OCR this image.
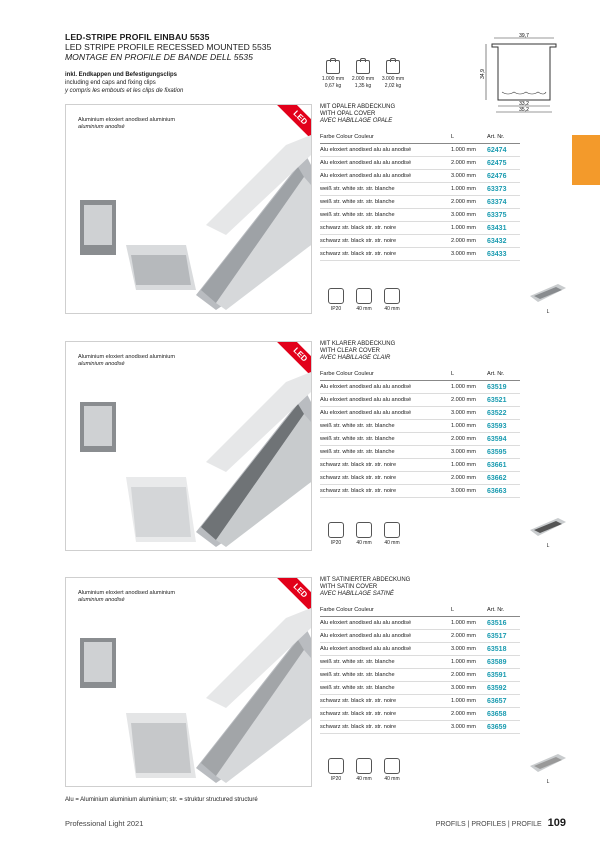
LED-STRIPE PROFIL EINBAU 5535
LED STRIPE PROFILE RECESSED MOUNTED 5535
MONTAGE EN PROFILE DE BANDE DELL 5535
inkl. Endkappen und Befestigungsclips
including end caps and fixing clips
y compris les embouts et les clips de fixation
1.000 mm
0,67 kg
2.000 mm
1,35 kg
3.000 mm
2,02 kg
39,7
34,9
33,2
35,2
LED
Aluminium eloxiert anodised aluminium
aluminium anodisé
MIT OPALER ABDECKUNG
WITH OPAL COVER
AVEC HABILLAGE OPALE
Farbe Colour Couleur	L	Art. Nr.
Alu eloxiert anodised alu alu anodisé	1.000 mm	62474
Alu eloxiert anodised alu alu anodisé	2.000 mm	62475
Alu eloxiert anodised alu alu anodisé	3.000 mm	62476
weiß str. white str. str. blanche	1.000 mm	63373
weiß str. white str. str. blanche	2.000 mm	63374
weiß str. white str. str. blanche	3.000 mm	63375
schwarz str. black str. str. noire	1.000 mm	63431
schwarz str. black str. str. noire	2.000 mm	63432
schwarz str. black str. str. noire	3.000 mm	63433
IP20	40 mm	40 mm	L
LED
Aluminium eloxiert anodised aluminium
aluminium anodisé
MIT KLARER ABDECKUNG
WITH CLEAR COVER
AVEC HABILLAGE CLAIR
Farbe Colour Couleur	L	Art. Nr.
Alu eloxiert anodised alu alu anodisé	1.000 mm	63519
Alu eloxiert anodised alu alu anodisé	2.000 mm	63521
Alu eloxiert anodised alu alu anodisé	3.000 mm	63522
weiß str. white str. str. blanche	1.000 mm	63593
weiß str. white str. str. blanche	2.000 mm	63594
weiß str. white str. str. blanche	3.000 mm	63595
schwarz str. black str. str. noire	1.000 mm	63661
schwarz str. black str. str. noire	2.000 mm	63662
schwarz str. black str. str. noire	3.000 mm	63663
IP20	40 mm	40 mm	L
LED
Aluminium eloxiert anodised aluminium
aluminium anodisé
MIT SATINIERTER ABDECKUNG
WITH SATIN COVER
AVEC HABILLAGE SATINÉ
Farbe Colour Couleur	L	Art. Nr.
Alu eloxiert anodised alu alu anodisé	1.000 mm	63516
Alu eloxiert anodised alu alu anodisé	2.000 mm	63517
Alu eloxiert anodised alu alu anodisé	3.000 mm	63518
weiß str. white str. str. blanche	1.000 mm	63589
weiß str. white str. str. blanche	2.000 mm	63591
weiß str. white str. str. blanche	3.000 mm	63592
schwarz str. black str. str. noire	1.000 mm	63657
schwarz str. black str. str. noire	2.000 mm	63658
schwarz str. black str. str. noire	3.000 mm	63659
IP20	40 mm	40 mm	L
Alu = Aluminium aluminium aluminium; str. = struktur structured structuré
Professional Light 2021	PROFILS | PROFILES | PROFILE 109
